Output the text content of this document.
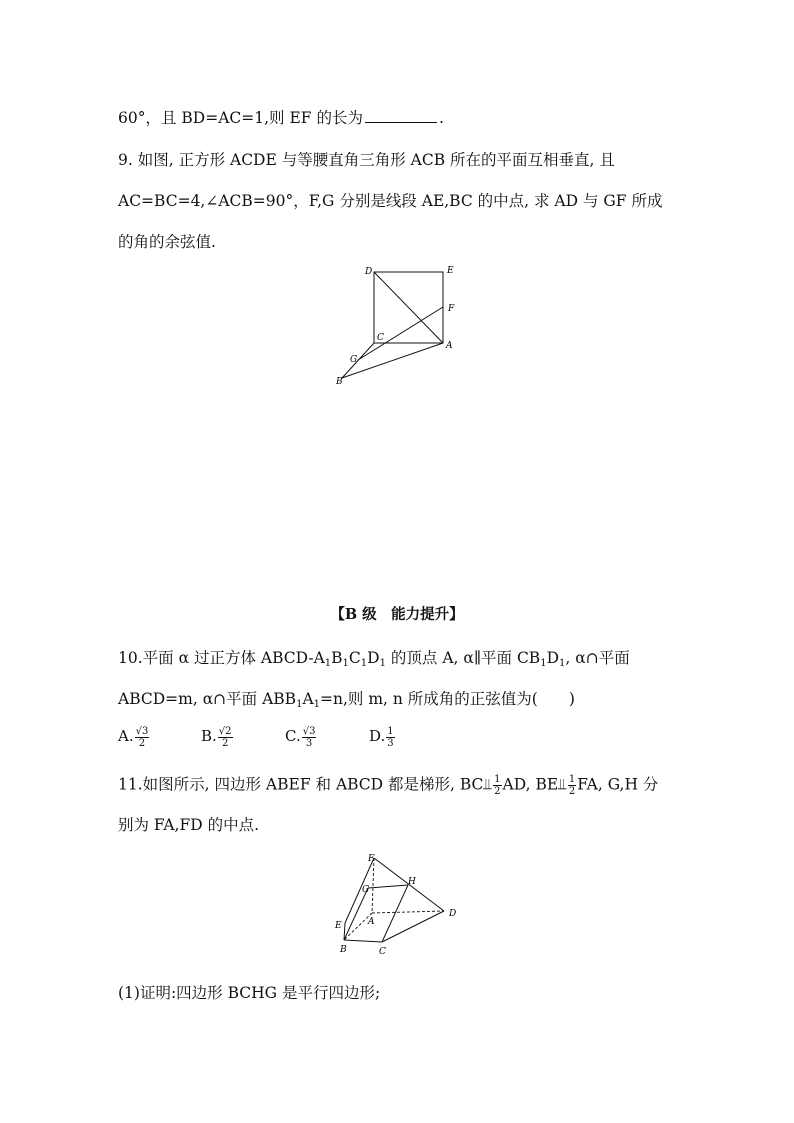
60°，且 BD=AC=1,则 EF 的长为	.
9. 如图, 正方形 ACDE 与等腰直角三角形 ACB 所在的平面互相垂直, 且
AC=BC=4,∠ACB=90°，F,G 分别是线段 AE,BC 的中点, 求 AD 与 GF 所成
的角的余弦值.
D	E
F
C
A
G
B
【B 级　能力提升】
10.平面 α 过正方体 ABCD-$A_1B_1C_1D_1$ 的顶点 A, α∥平面 $CB_1D_1$, α∩平面
ABCD=m, α∩平面 $ABB_1A_1=n$,则 m, n 所成角的正弦值为(　　)
A. $\frac{√3}{2}$	B. $\frac{√2}{2}$	C. $\frac{√3}{3}$	D. $\frac{1}{3}$
11.如图所示, 四边形 ABEF 和 ABCD 都是梯形, BC⫫ $\frac{1}{2}$ AD, BE⫫ $\frac{1}{2}$ FA, G,H 分
别为 FA,FD 的中点.
F
G
H
E	A
D
B	C
(1)证明:四边形 BCHG 是平行四边形;
